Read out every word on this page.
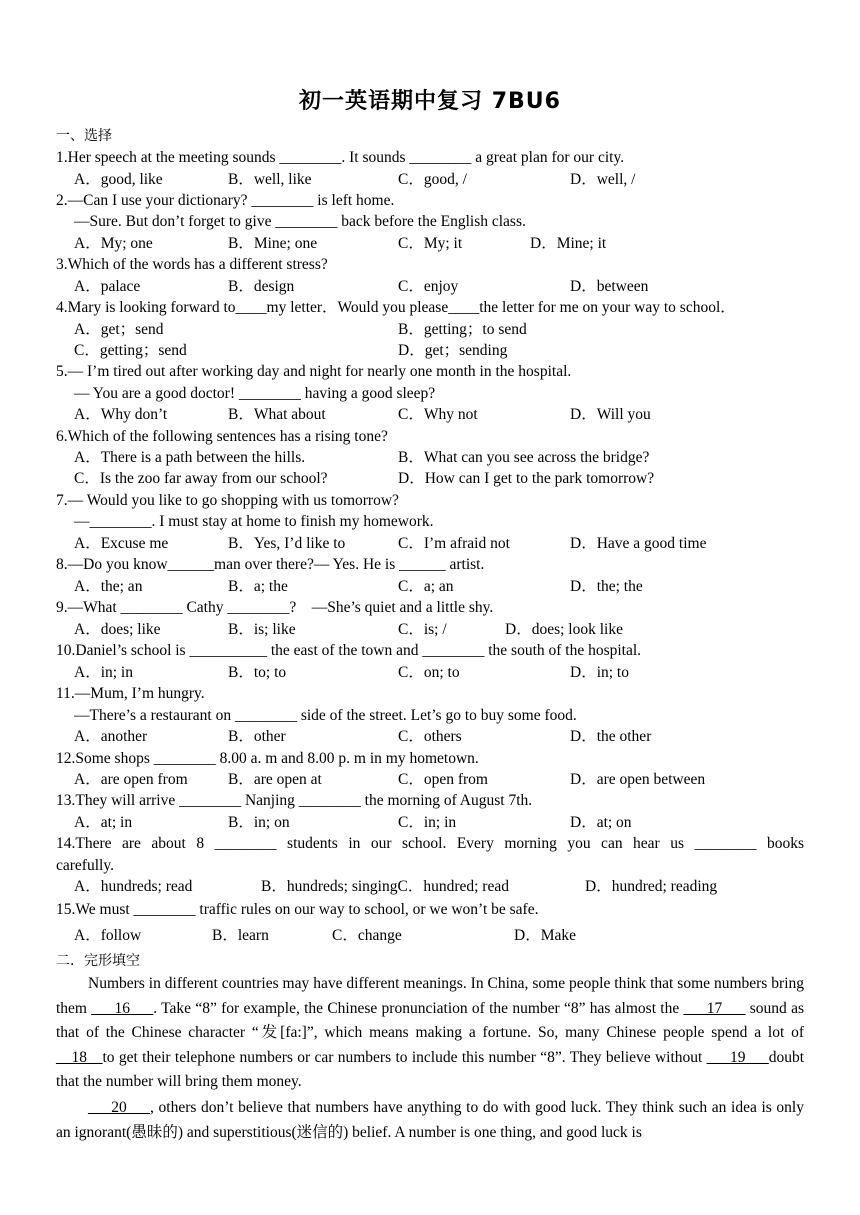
初一英语期中复习 7BU6
一、选择
1.Her speech at the meeting sounds ________. It sounds ________ a great plan for our city.
A．good, like	B．well, like	C．good, /	D．well, /
2.—Can I use your dictionary? ________ is left home.
—Sure. But don’t forget to give ________ back before the English class.
A．My; one	B．Mine; one	C．My; it	D．Mine; it
3.Which of the words has a different stress?
A．palace	B．design	C．enjoy	D．between
4.Mary is looking forward to____my letter．Would you please____the letter for me on your way to school．
A．get；send	B．getting；to send
C．getting；send	D．get；sending
5.— I’m tired out after working day and night for nearly one month in the hospital.
— You are a good doctor! ________ having a good sleep?
A．Why don’t	B．What about	C．Why not	D．Will you
6.Which of the following sentences has a rising tone?
A．There is a path between the hills.	B．What can you see across the bridge?
C．Is the zoo far away from our school?	D．How can I get to the park tomorrow?
7.— Would you like to go shopping with us tomorrow?
—________. I must stay at home to finish my homework.
A．Excuse me	B．Yes, I’d like to	C．I’m afraid not	D．Have a good time
8.—Do you know______man over there?— Yes. He is ______ artist.
A．the; an	B．a; the	C．a; an	D．the; the
9.—What ________ Cathy ________?　—She’s quiet and a little shy.
A．does; like	B．is; like	C．is; /	D．does; look like
10.Daniel’s school is __________ the east of the town and ________ the south of the hospital.
A．in; in	B．to; to	C．on; to	D．in; to
11.—Mum, I’m hungry.
—There’s a restaurant on ________ side of the street. Let’s go to buy some food.
A．another	B．other	C．others	D．the other
12.Some shops ________ 8.00 a. m and 8.00 p. m in my hometown.
A．are open from	B．are open at	C．open from	D．are open between
13.They will arrive ________ Nanjing ________ the morning of August 7th.
A．at; in	B．in; on	C．in; in	D．at; on
14.There are about 8 ________ students in our school. Every morning you can hear us ________ books
carefully.
A．hundreds; read	B．hundreds; singingC．hundred; read	D．hundred; reading
15.We must ________ traffic rules on our way to school, or we won’t be safe.
A．follow	B．learn	C．change	D．Make
二．完形填空
Numbers in different countries may have different meanings. In China, some people think that some numbers bring them ___16___. Take “8” for example, the Chinese pronunciation of the number “8” has almost the ___17___ sound as that of the Chinese character “发[fa:]”, which means making a fortune. So, many Chinese people spend a lot of __18__to get their telephone numbers or car numbers to include this number “8”. They believe without ___19___doubt that the number will bring them money.
___20___, others don’t believe that numbers have anything to do with good luck. They think such an idea is only an ignorant(愚昧的) and superstitious(迷信的) belief. A number is one thing, and good luck is
